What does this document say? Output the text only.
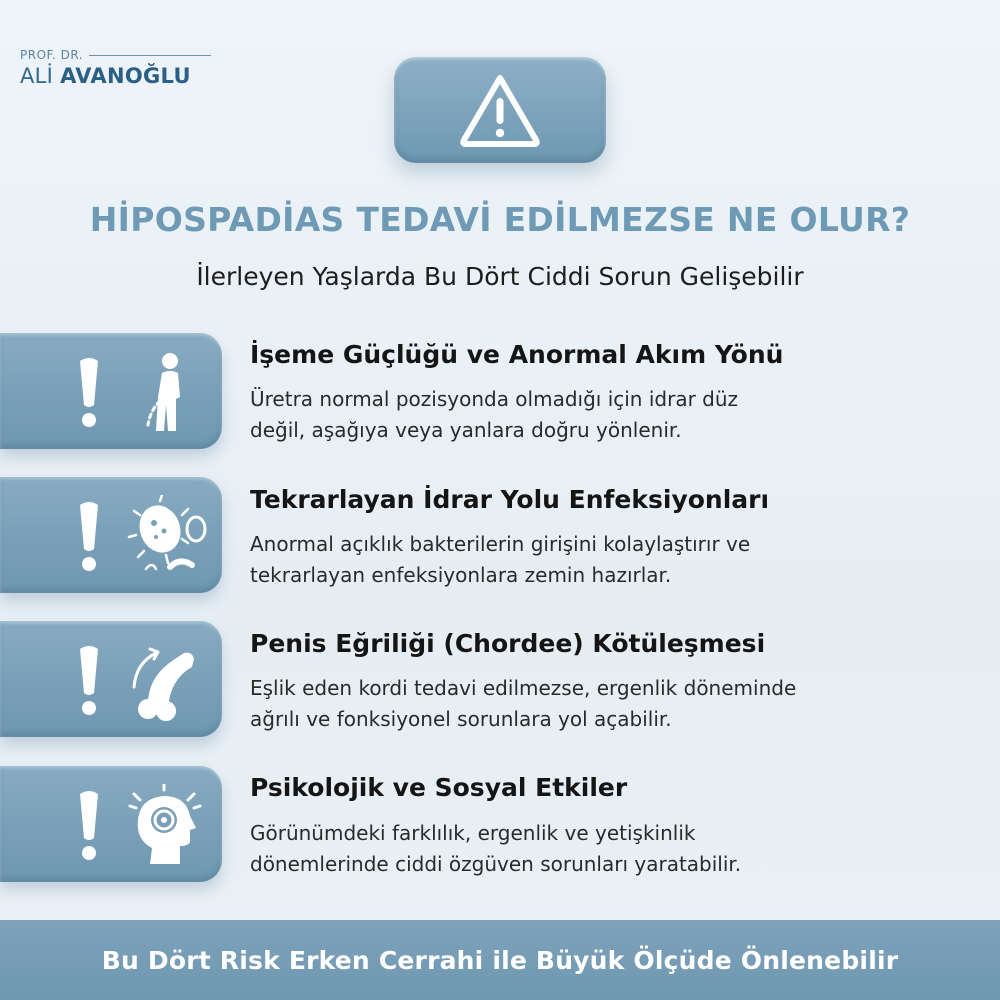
PROF. DR.
ALİ AVANOĞLU
HİPOSPADİAS TEDAVİ EDİLMEZSE NE OLUR?
İlerleyen Yaşlarda Bu Dört Ciddi Sorun Gelişebilir
İşeme Güçlüğü ve Anormal Akım Yönü
Üretra normal pozisyonda olmadığı için idrar düz
değil, aşağıya veya yanlara doğru yönlenir.
Tekrarlayan İdrar Yolu Enfeksiyonları
Anormal açıklık bakterilerin girişini kolaylaştırır ve
tekrarlayan enfeksiyonlara zemin hazırlar.
Penis Eğriliği (Chordee) Kötüleşmesi
Eşlik eden kordi tedavi edilmezse, ergenlik döneminde
ağrılı ve fonksiyonel sorunlara yol açabilir.
Psikolojik ve Sosyal Etkiler
Görünümdeki farklılık, ergenlik ve yetişkinlik
dönemlerinde ciddi özgüven sorunları yaratabilir.
Bu Dört Risk Erken Cerrahi ile Büyük Ölçüde Önlenebilir
